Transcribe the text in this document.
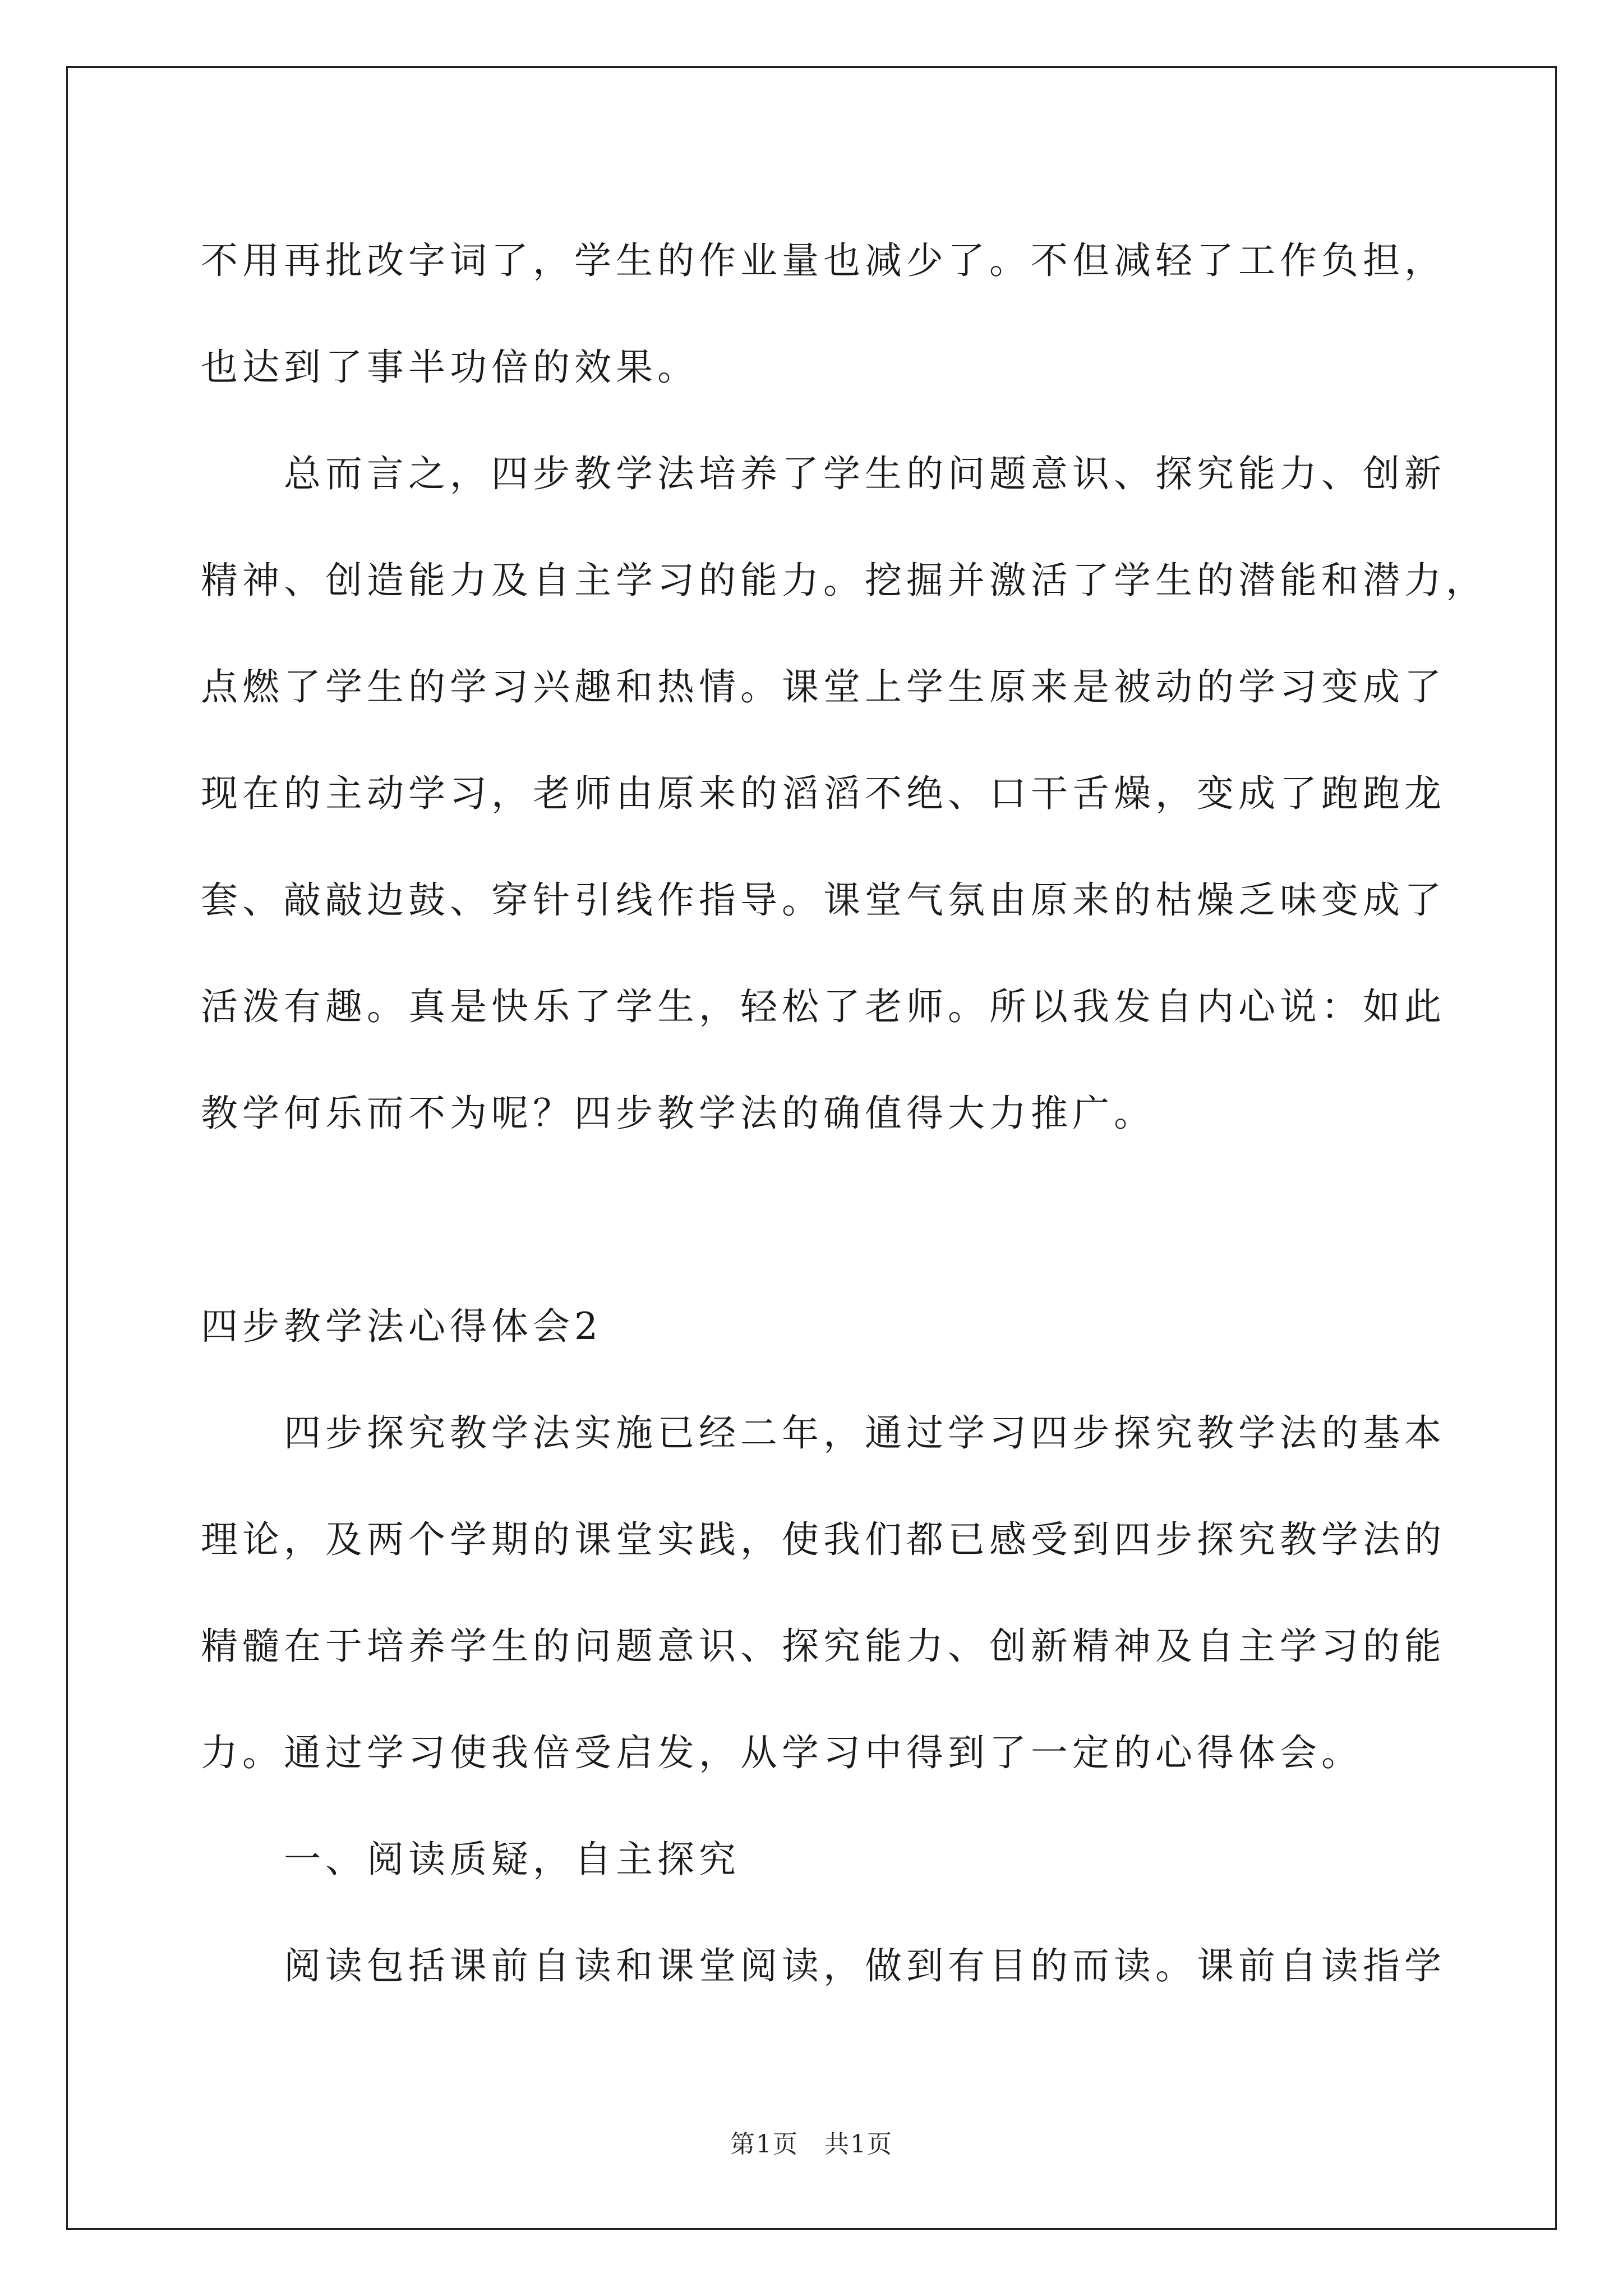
不用再批改字词了，学生的作业量也减少了。不但减轻了工作负担，
也达到了事半功倍的效果。
总而言之，四步教学法培养了学生的问题意识、探究能力、创新
精神、创造能力及自主学习的能力。挖掘并激活了学生的潜能和潜力，
点燃了学生的学习兴趣和热情。课堂上学生原来是被动的学习变成了
现在的主动学习，老师由原来的滔滔不绝、口干舌燥，变成了跑跑龙
套、敲敲边鼓、穿针引线作指导。课堂气氛由原来的枯燥乏味变成了
活泼有趣。真是快乐了学生，轻松了老师。所以我发自内心说：如此
教学何乐而不为呢？四步教学法的确值得大力推广。
四步教学法心得体会2
四步探究教学法实施已经二年，通过学习四步探究教学法的基本
理论，及两个学期的课堂实践，使我们都已感受到四步探究教学法的
精髓在于培养学生的问题意识、探究能力、创新精神及自主学习的能
力。通过学习使我倍受启发，从学习中得到了一定的心得体会。
一、阅读质疑，自主探究
阅读包括课前自读和课堂阅读，做到有目的而读。课前自读指学
第1页　共1页
